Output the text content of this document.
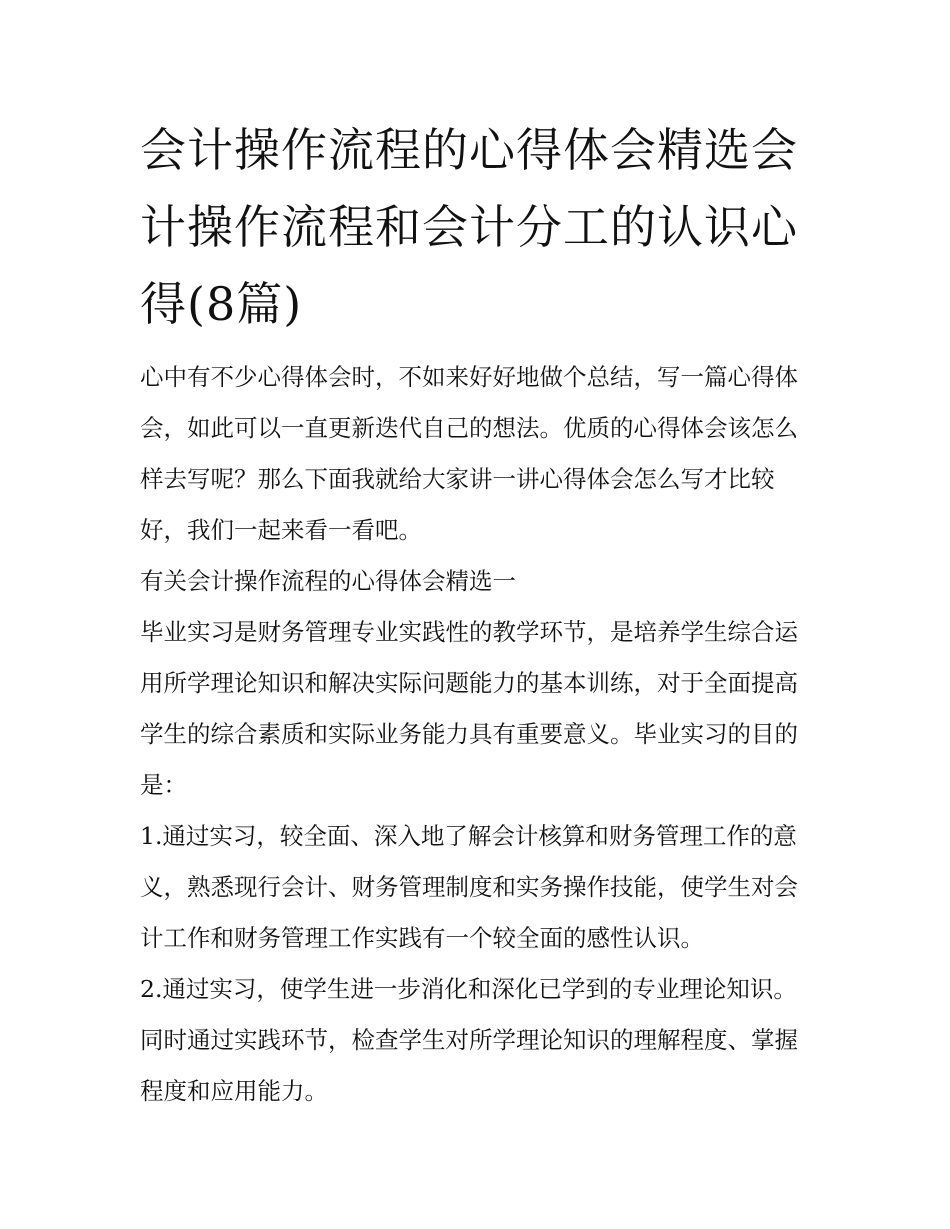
会计操作流程的心得体会精选会计操作流程和会计分工的认识心得(8篇)

心中有不少心得体会时，不如来好好地做个总结，写一篇心得体会，如此可以一直更新迭代自己的想法。优质的心得体会该怎么样去写呢？那么下面我就给大家讲一讲心得体会怎么写才比较好，我们一起来看一看吧。

有关会计操作流程的心得体会精选一

毕业实习是财务管理专业实践性的教学环节，是培养学生综合运用所学理论知识和解决实际问题能力的基本训练，对于全面提高学生的综合素质和实际业务能力具有重要意义。毕业实习的目的是：

1.通过实习，较全面、深入地了解会计核算和财务管理工作的意义，熟悉现行会计、财务管理制度和实务操作技能，使学生对会计工作和财务管理工作实践有一个较全面的感性认识。

2.通过实习，使学生进一步消化和深化已学到的专业理论知识。同时通过实践环节，检查学生对所学理论知识的理解程度、掌握程度和应用能力。
